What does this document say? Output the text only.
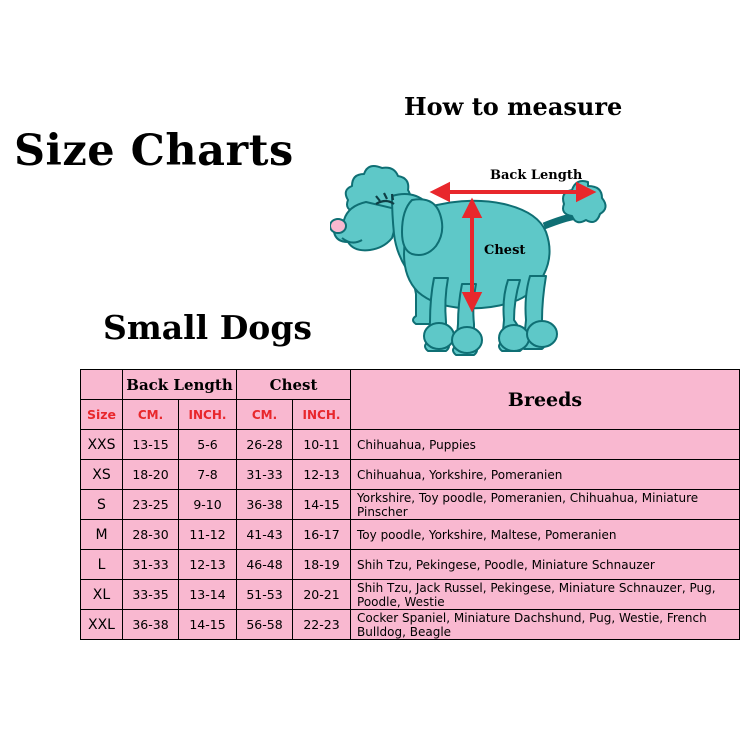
Size Charts
Small Dogs
How to measure
Back Length
Chest
	Back Length		Chest		Breeds
Size	CM.	INCH.	CM.	INCH.	
XXS	13-15	5-6	26-28	10-11	Chihuahua, Puppies
XS	18-20	7-8	31-33	12-13	Chihuahua, Yorkshire, Pomeranien
S	23-25	9-10	36-38	14-15	Yorkshire, Toy poodle, Pomeranien, Chihuahua, Miniature Pinscher
M	28-30	11-12	41-43	16-17	Toy poodle, Yorkshire, Maltese, Pomeranien
L	31-33	12-13	46-48	18-19	Shih Tzu, Pekingese, Poodle, Miniature Schnauzer
XL	33-35	13-14	51-53	20-21	Shih Tzu, Jack Russel, Pekingese, Miniature Schnauzer, Pug, Poodle, Westie
XXL	36-38	14-15	56-58	22-23	Cocker Spaniel, Miniature Dachshund, Pug, Westie, French Bulldog, Beagle
